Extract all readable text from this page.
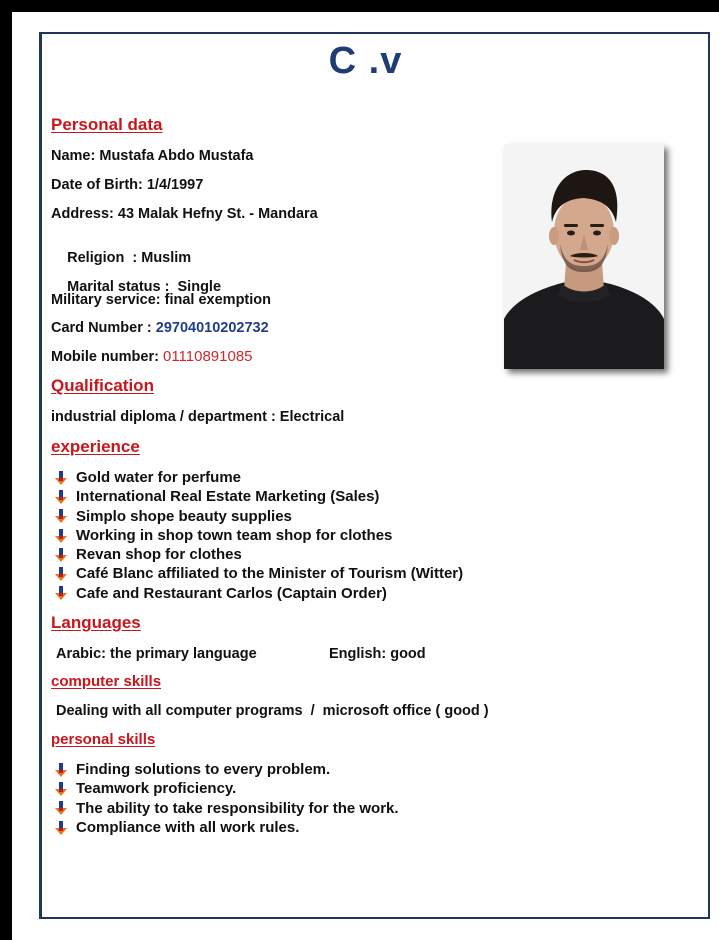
C .v
Personal data
Name: Mustafa Abdo Mustafa
Date of Birth: 1/4/1997
Address: 43 Malak Hefny St. - Mandara

Religion  : Muslim

Marital status :  Single

Military service: final exemption
Card Number : 29704010202732
Mobile number: 01110891085
Qualification
industrial diploma / department : Electrical
experience
Gold water for perfume
International Real Estate Marketing (Sales)
Simplo shope beauty supplies
Working in shop town team shop for clothes
Revan shop for clothes
Café Blanc affiliated to the Minister of Tourism (Witter)
Cafe and Restaurant Carlos (Captain Order)
Languages
Arabic: the primary language	English: good
computer skills
Dealing with all computer programs  /  microsoft office ( good )
personal skills
Finding solutions to every problem.
Teamwork proficiency.
The ability to take responsibility for the work.
Compliance with all work rules.
